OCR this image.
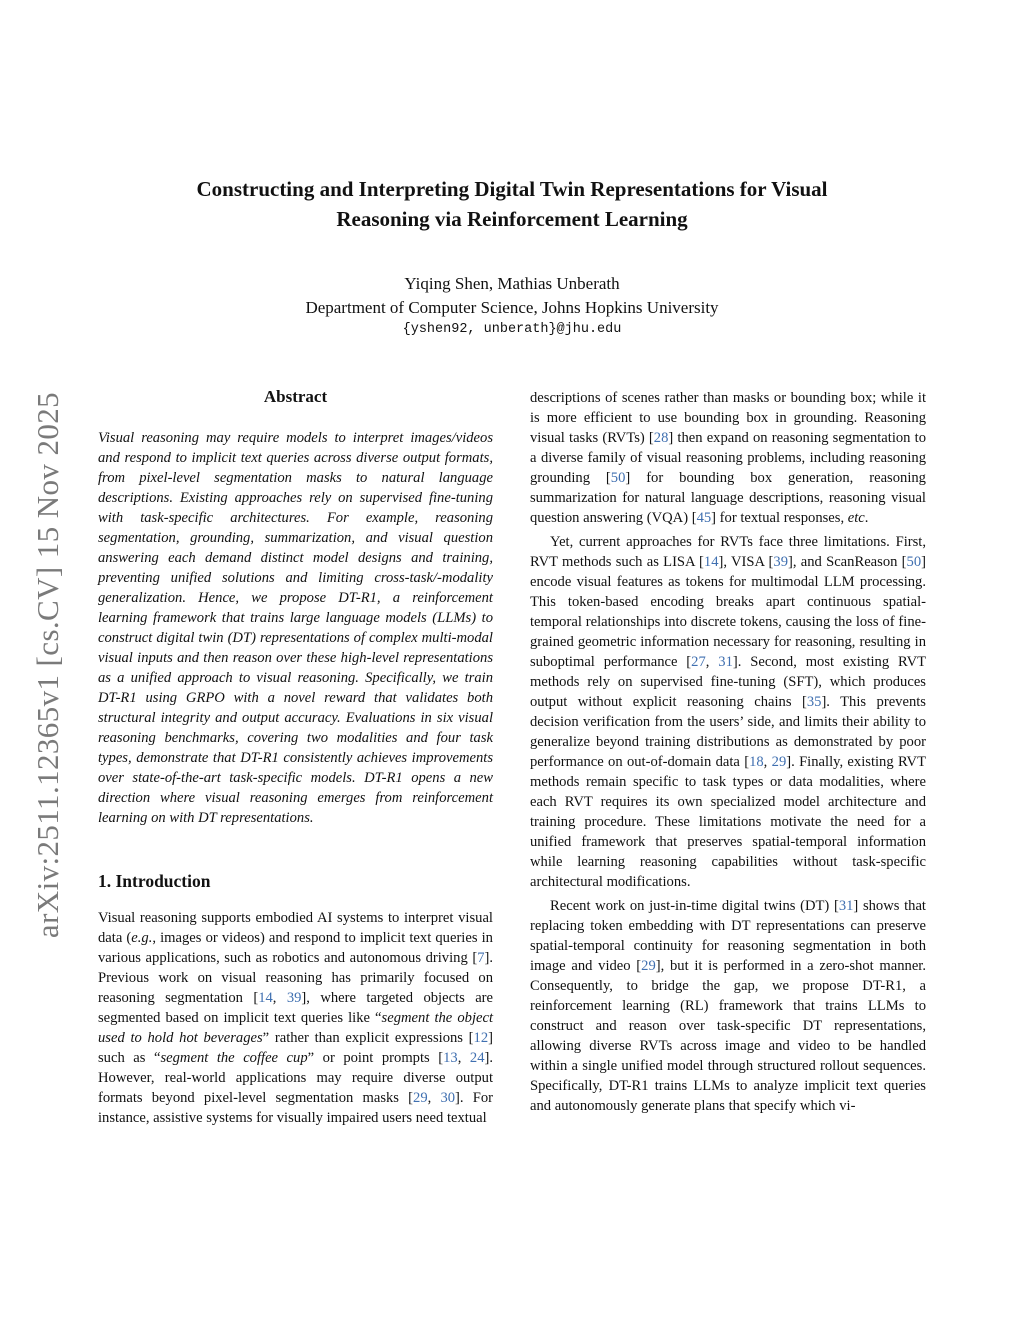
arXiv:2511.12365v1 [cs.CV] 15 Nov 2025
Constructing and Interpreting Digital Twin Representations for Visual
Reasoning via Reinforcement Learning
Yiqing Shen, Mathias Unberath
Department of Computer Science, Johns Hopkins University
{yshen92, unberath}@jhu.edu
Abstract

Visual reasoning may require models to interpret images/videos and respond to implicit text queries across diverse output formats, from pixel-level segmentation masks to natural language descriptions. Existing approaches rely on supervised fine-tuning with task-specific architectures. For example, reasoning segmentation, grounding, summarization, and visual question answering each demand distinct model designs and training, preventing unified solutions and limiting cross-task/-modality generalization. Hence, we propose DT-R1, a reinforcement learning framework that trains large language models (LLMs) to construct digital twin (DT) representations of complex multi-modal visual inputs and then reason over these high-level representations as a unified approach to visual reasoning. Specifically, we train DT-R1 using GRPO with a novel reward that validates both structural integrity and output accuracy. Evaluations in six visual reasoning benchmarks, covering two modalities and four task types, demonstrate that DT-R1 consistently achieves improvements over state-of-the-art task-specific models. DT-R1 opens a new direction where visual reasoning emerges from reinforcement learning on with DT representations.

1. Introduction

Visual reasoning supports embodied AI systems to interpret visual data (e.g., images or videos) and respond to implicit text queries in various applications, such as robotics and autonomous driving [7]. Previous work on visual reasoning has primarily focused on reasoning segmentation [14, 39], where targeted objects are segmented based on implicit text queries like “segment the object used to hold hot beverages” rather than explicit expressions [12] such as “segment the coffee cup” or point prompts [13, 24]. However, real-world applications may require diverse output formats beyond pixel-level segmentation masks [29, 30]. For instance, assistive systems for visually impaired users need textual

descriptions of scenes rather than masks or bounding box; while it is more efficient to use bounding box in grounding. Reasoning visual tasks (RVTs) [28] then expand on reasoning segmentation to a diverse family of visual reasoning problems, including reasoning grounding [50] for bounding box generation, reasoning summarization for natural language descriptions, reasoning visual question answering (VQA) [45] for textual responses, etc.

Yet, current approaches for RVTs face three limitations. First, RVT methods such as LISA [14], VISA [39], and ScanReason [50] encode visual features as tokens for multimodal LLM processing. This token-based encoding breaks apart continuous spatial-temporal relationships into discrete tokens, causing the loss of fine-grained geometric information necessary for reasoning, resulting in suboptimal performance [27, 31]. Second, most existing RVT methods rely on supervised fine-tuning (SFT), which produces output without explicit reasoning chains [35]. This prevents decision verification from the users’ side, and limits their ability to generalize beyond training distributions as demonstrated by poor performance on out-of-domain data [18, 29]. Finally, existing RVT methods remain specific to task types or data modalities, where each RVT requires its own specialized model architecture and training procedure. These limitations motivate the need for a unified framework that preserves spatial-temporal information while learning reasoning capabilities without task-specific architectural modifications.

Recent work on just-in-time digital twins (DT) [31] shows that replacing token embedding with DT representations can preserve spatial-temporal continuity for reasoning segmentation in both image and video [29], but it is performed in a zero-shot manner. Consequently, to bridge the gap, we propose DT-R1, a reinforcement learning (RL) framework that trains LLMs to construct and reason over task-specific DT representations, allowing diverse RVTs across image and video to be handled within a single unified model through structured rollout sequences. Specifically, DT-R1 trains LLMs to analyze implicit text queries and autonomously generate plans that specify which vi-
